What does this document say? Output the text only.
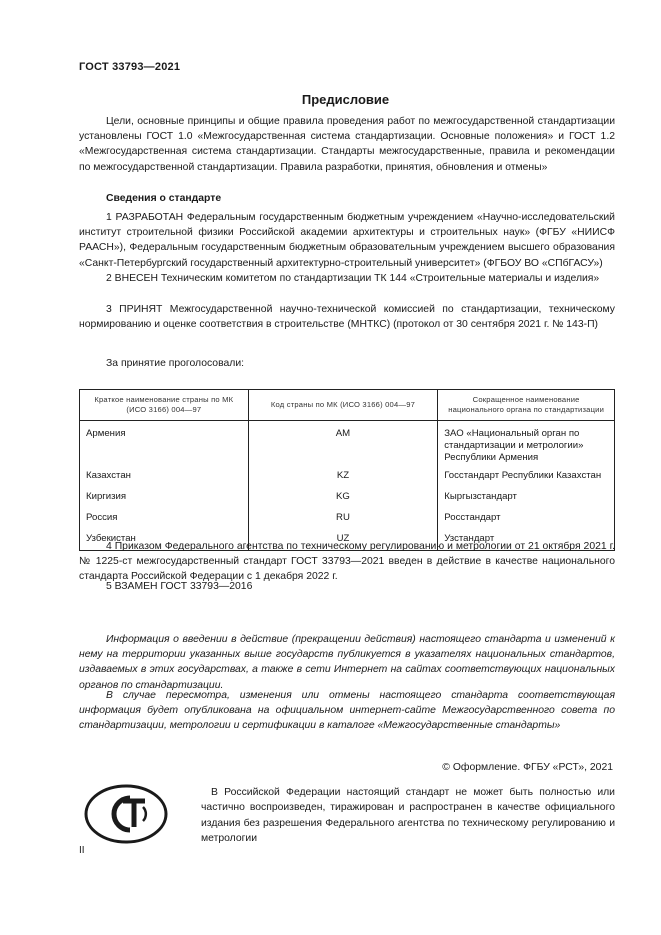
ГОСТ 33793—2021
Предисловие

Цели, основные принципы и общие правила проведения работ по межгосударственной стандартизации установлены ГОСТ 1.0 «Межгосударственная система стандартизации. Основные положения» и ГОСТ 1.2 «Межгосударственная система стандартизации. Стандарты межгосударственные, правила и рекомендации по межгосударственной стандартизации. Правила разработки, принятия, обновления и отмены»

Сведения о стандарте

1 РАЗРАБОТАН Федеральным государственным бюджетным учреждением «Научно-исследовательский институт строительной физики Российской академии архитектуры и строительных наук» (ФГБУ «НИИСФ РААСН»), Федеральным государственным бюджетным образовательным учреждением высшего образования «Санкт-Петербургский государственный архитектурно-строительный университет» (ФГБОУ ВО «СПбГАСУ»)

2 ВНЕСЕН Техническим комитетом по стандартизации ТК 144 «Строительные материалы и изделия»

3 ПРИНЯТ Межгосударственной научно-технической комиссией по стандартизации, техническому нормированию и оценке соответствия в строительстве (МНТКС) (протокол от 30 сентября 2021 г. № 143-П)

За принятие проголосовали:
Краткое наименование страны по МК (ИСО 3166) 004—97	Код страны по МК (ИСО 3166) 004—97	Сокращенное наименование национального органа по стандартизации
Армения	AM	ЗАО «Национальный орган по стандартизации и метрологии» Республики Армения
Казахстан	KZ	Госстандарт Республики Казахстан
Киргизия	KG	Кыргызстандарт
Россия	RU	Росстандарт
Узбекистан	UZ	Узстандарт

4 Приказом Федерального агентства по техническому регулированию и метрологии от 21 октября 2021 г. № 1225-ст межгосударственный стандарт ГОСТ 33793—2021 введен в действие в качестве национального стандарта Российской Федерации с 1 декабря 2022 г.

5 ВЗАМЕН ГОСТ 33793—2016

Информация о введении в действие (прекращении действия) настоящего стандарта и изменений к нему на территории указанных выше государств публикуется в указателях национальных стандартов, издаваемых в этих государствах, а также в сети Интернет на сайтах соответствующих национальных органов по стандартизации.

В случае пересмотра, изменения или отмены настоящего стандарта соответствующая информация будет опубликована на официальном интернет-сайте Межгосударственного совета по стандартизации, метрологии и сертификации в каталоге «Межгосударственные стандарты»

© Оформление. ФГБУ «РСТ», 2021

В Российской Федерации настоящий стандарт не может быть полностью или частично воспроизведен, тиражирован и распространен в качестве официального издания без разрешения Федерального агентства по техническому регулированию и метрологии

II
